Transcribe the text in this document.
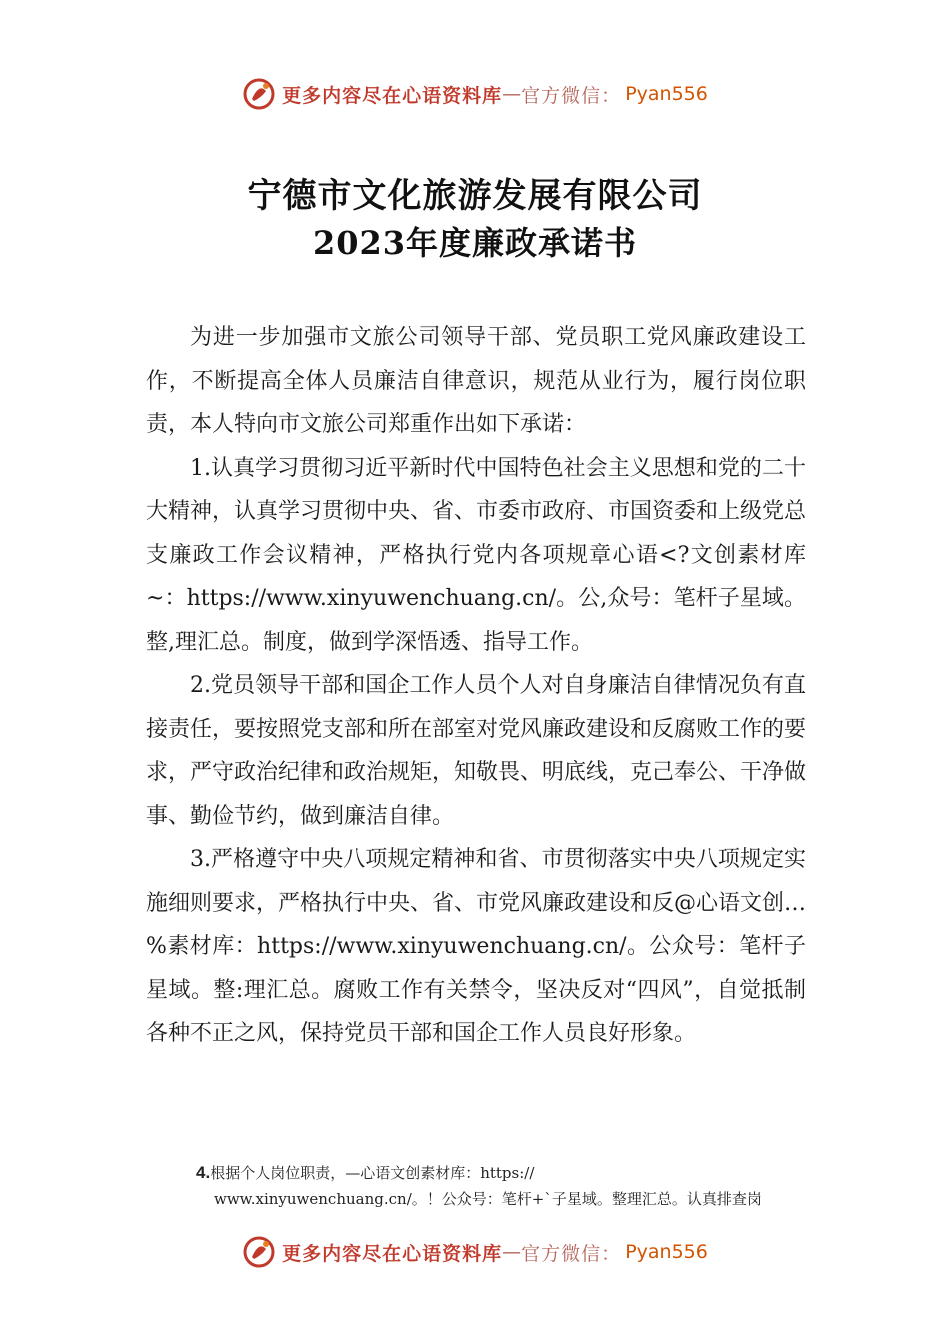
更多内容尽在心语资料库 — 官方微信： Pyan556
宁德市文化旅游发展有限公司
2023年度廉政承诺书

为进一步加强市文旅公司领导干部、党员职工党风廉政建设工作，不断提高全体人员廉洁自律意识，规范从业行为，履行岗位职责，本人特向市文旅公司郑重作出如下承诺：

1.认真学习贯彻习近平新时代中国特色社会主义思想和党的二十大精神，认真学习贯彻中央、省、市委市政府、市国资委和上级党总支廉政工作会议精神，严格执行党内各项规章心语<?文创素材库~：https://www.xinyuwenchuang.cn/。公,众号：笔杆子星域。整,理汇总。制度，做到学深悟透、指导工作。

2.党员领导干部和国企工作人员个人对自身廉洁自律情况负有直接责任，要按照党支部和所在部室对党风廉政建设和反腐败工作的要求，严守政治纪律和政治规矩，知敬畏、明底线，克己奉公、干净做事、勤俭节约，做到廉洁自律。

3.严格遵守中央八项规定精神和省、市贯彻落实中央八项规定实施细则要求，严格执行中央、省、市党风廉政建设和反@心语文创…%素材库：https://www.xinyuwenchuang.cn/。公众号：笔杆子星域。整:理汇总。腐败工作有关禁令，坚决反对“四风”，自觉抵制各种不正之风，保持党员干部和国企工作人员良好形象。

4.根据个人岗位职责，—心语文创素材库：https://
www.xinyuwenchuang.cn/。！公众号：笔杆+`子星域。整理汇总。认真排查岗
更多内容尽在心语资料库 — 官方微信： Pyan556
